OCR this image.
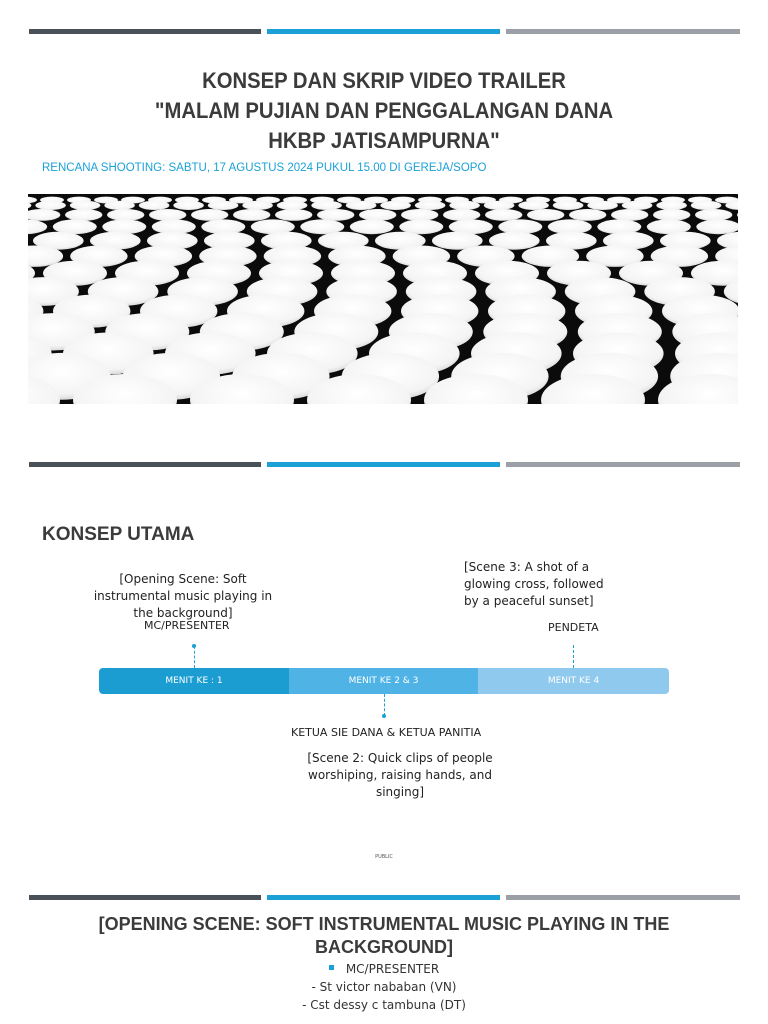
KONSEP DAN SKRIP VIDEO TRAILER
"MALAM PUJIAN DAN PENGGALANGAN DANA
HKBP JATISAMPURNA"
RENCANA SHOOTING: SABTU, 17 AGUSTUS 2024 PUKUL 15.00 DI GEREJA/SOPO
KONSEP UTAMA
[Opening Scene: Soft instrumental music playing in the background]
MC/PRESENTER
[Scene 3: A shot of a glowing cross, followed by a peaceful sunset]
PENDETA
MENIT KE : 1	MENIT KE 2 & 3	MENIT KE 4
KETUA SIE DANA & KETUA PANITIA
[Scene 2: Quick clips of people worshiping, raising hands, and singing]
PUBLIC
[OPENING SCENE: SOFT INSTRUMENTAL MUSIC PLAYING IN THE
BACKGROUND]
MC/PRESENTER
- St victor nababan (VN)
- Cst dessy c tambuna (DT)
